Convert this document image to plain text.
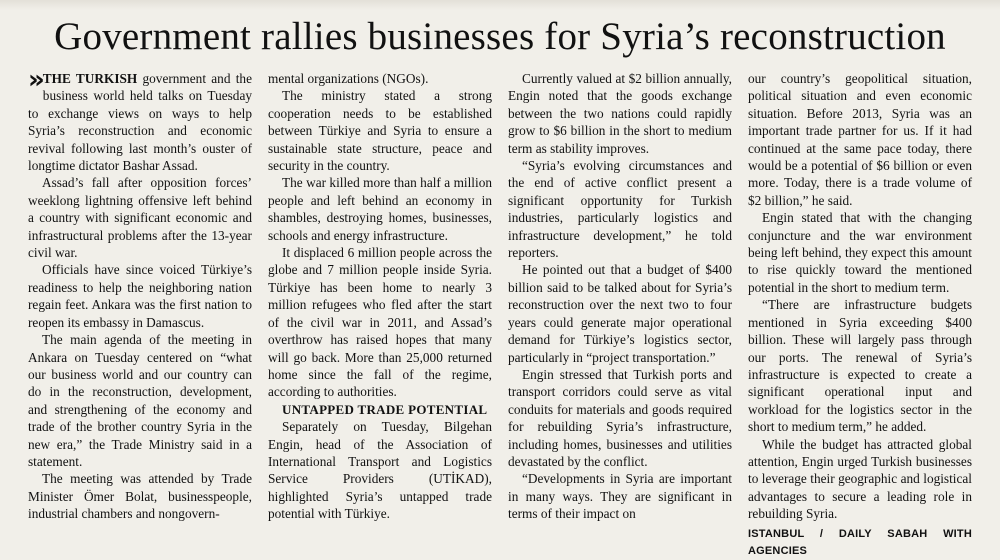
Government rallies businesses for Syria’s reconstruction

» THE TURKISH government and the business world held talks on Tuesday to exchange views on ways to help Syria’s reconstruction and economic revival following last month’s ouster of longtime dictator Bashar Assad.

Assad’s fall after opposition forces’ weeklong lightning offensive left behind a country with significant economic and infrastructural problems after the 13-year civil war.

Officials have since voiced Türkiye’s readiness to help the neighboring nation regain feet. Ankara was the first nation to reopen its embassy in Damascus.

The main agenda of the meeting in Ankara on Tuesday centered on “what our business world and our country can do in the reconstruction, development, and strengthening of the economy and trade of the brother country Syria in the new era,” the Trade Ministry said in a statement.

The meeting was attended by Trade Minister Ömer Bolat, businesspeople, industrial chambers and nongovern-

mental organizations (NGOs).

The ministry stated a strong cooperation needs to be established between Türkiye and Syria to ensure a sustainable state structure, peace and security in the country.

The war killed more than half a million people and left behind an economy in shambles, destroying homes, businesses, schools and energy infrastructure.

It displaced 6 million people across the globe and 7 million people inside Syria. Türkiye has been home to nearly 3 million refugees who fled after the start of the civil war in 2011, and Assad’s overthrow has raised hopes that many will go back. More than 25,000 returned home since the fall of the regime, according to authorities.

UNTAPPED TRADE POTENTIAL

Separately on Tuesday, Bilgehan Engin, head of the Association of International Transport and Logistics Service Providers (UTİKAD), highlighted Syria’s untapped trade potential with Türkiye.

Currently valued at $2 billion annually, Engin noted that the goods exchange between the two nations could rapidly grow to $6 billion in the short to medium term as stability improves.

“Syria’s evolving circumstances and the end of active conflict present a significant opportunity for Turkish industries, particularly logistics and infrastructure development,” he told reporters.

He pointed out that a budget of $400 billion said to be talked about for Syria’s reconstruction over the next two to four years could generate major operational demand for Türkiye’s logistics sector, particularly in “project transportation.”

Engin stressed that Turkish ports and transport corridors could serve as vital conduits for materials and goods required for rebuilding Syria’s infrastructure, including homes, businesses and utilities devastated by the conflict.

“Developments in Syria are important in many ways. They are significant in terms of their impact on

our country’s geopolitical situation, political situation and even economic situation. Before 2013, Syria was an important trade partner for us. If it had continued at the same pace today, there would be a potential of $6 billion or even more. Today, there is a trade volume of $2 billion,” he said.

Engin stated that with the changing conjuncture and the war environment being left behind, they expect this amount to rise quickly toward the mentioned potential in the short to medium term.

“There are infrastructure budgets mentioned in Syria exceeding $400 billion. These will largely pass through our ports. The renewal of Syria’s infrastructure is expected to create a significant operational input and workload for the logistics sector in the short to medium term,” he added.

While the budget has attracted global attention, Engin urged Turkish businesses to leverage their geographic and logistical advantages to secure a leading role in rebuilding Syria.

ISTANBUL / DAILY SABAH WITH AGENCIES
